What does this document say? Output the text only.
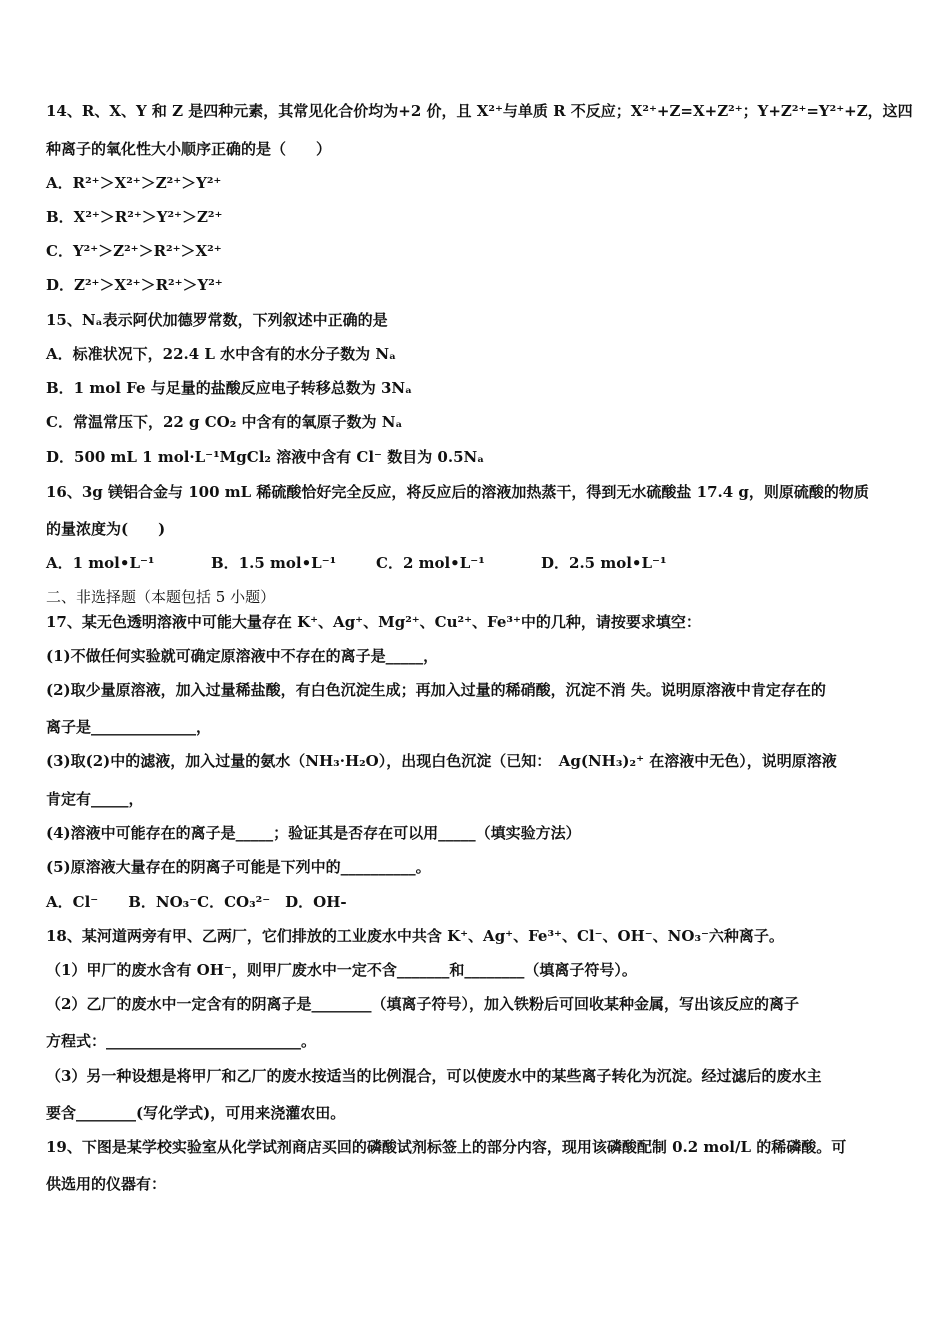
14、R、X、Y 和 Z 是四种元素，其常见化合价均为+2 价，且 X²⁺与单质 R 不反应；X²⁺+Z=X+Z²⁺；Y+Z²⁺=Y²⁺+Z，这四
种离子的氧化性大小顺序正确的是（　　）
A．R²⁺＞X²⁺＞Z²⁺＞Y²⁺
B．X²⁺＞R²⁺＞Y²⁺＞Z²⁺
C．Y²⁺＞Z²⁺＞R²⁺＞X²⁺
D．Z²⁺＞X²⁺＞R²⁺＞Y²⁺
15、Nₐ表示阿伏加德罗常数，下列叙述中正确的是
A．标准状况下，22.4 L 水中含有的水分子数为 Nₐ
B．1 mol Fe 与足量的盐酸反应电子转移总数为 3Nₐ
C．常温常压下，22 g CO₂ 中含有的氧原子数为 Nₐ
D．500 mL 1 mol·L⁻¹MgCl₂ 溶液中含有 Cl⁻ 数目为 0.5Nₐ
16、3g 镁铝合金与 100 mL 稀硫酸恰好完全反应，将反应后的溶液加热蒸干，得到无水硫酸盐 17.4 g，则原硫酸的物质
的量浓度为(　　)
A．1 mol•L⁻¹	B．1.5 mol•L⁻¹	C．2 mol•L⁻¹	D．2.5 mol•L⁻¹
二、非选择题（本题包括 5 小题）
17、某无色透明溶液中可能大量存在 K⁺、Ag⁺、Mg²⁺、Cu²⁺、Fe³⁺中的几种，请按要求填空：
(1)不做任何实验就可确定原溶液中不存在的离子是_____，
(2)取少量原溶液，加入过量稀盐酸，有白色沉淀生成；再加入过量的稀硝酸，沉淀不消 失。说明原溶液中肯定存在的
离子是______________，
(3)取(2)中的滤液，加入过量的氨水（NH₃·H₂O），出现白色沉淀（已知：　Ag(NH₃)₂⁺ 在溶液中无色），说明原溶液
肯定有_____，
(4)溶液中可能存在的离子是_____；验证其是否存在可以用_____（填实验方法）
(5)原溶液大量存在的阴离子可能是下列中的__________。
A．Cl⁻　　B．NO₃⁻C．CO₃²⁻　D．OH-
18、某河道两旁有甲、乙两厂，它们排放的工业废水中共含 K⁺、Ag⁺、Fe³⁺、Cl⁻、OH⁻、NO₃⁻六种离子。
（1）甲厂的废水含有 OH⁻，则甲厂废水中一定不含_______和________（填离子符号）。
（2）乙厂的废水中一定含有的阴离子是________（填离子符号），加入铁粉后可回收某种金属，写出该反应的离子
方程式：__________________________。
（3）另一种设想是将甲厂和乙厂的废水按适当的比例混合，可以使废水中的某些离子转化为沉淀。经过滤后的废水主
要含________(写化学式)，可用来浇灌农田。
19、下图是某学校实验室从化学试剂商店买回的磷酸试剂标签上的部分内容，现用该磷酸配制 0.2 mol/L 的稀磷酸。可
供选用的仪器有：
